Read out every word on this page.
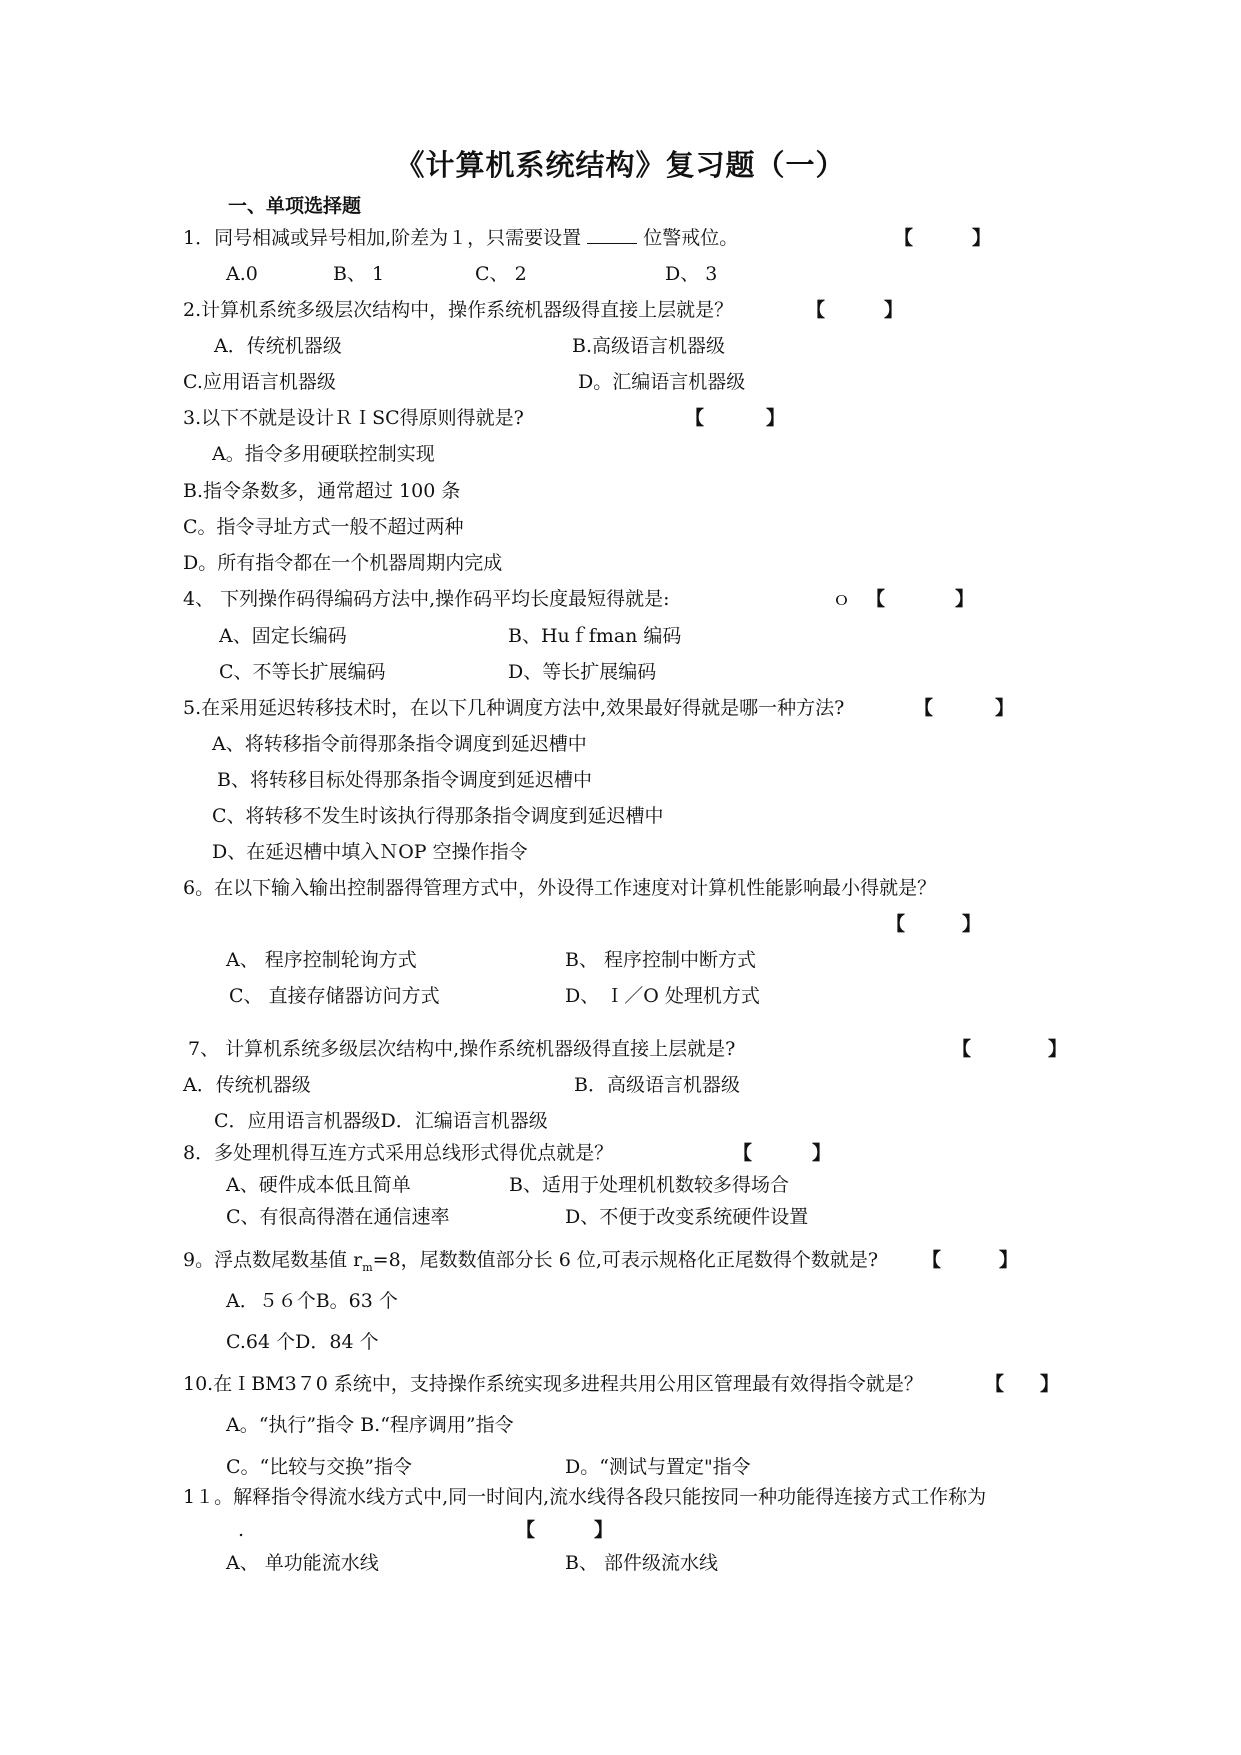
《计算机系统结构》复习题（一）
一、单项选择题
1．同号相减或异号相加,阶差为１，只需要设置	位警戒位。	【	】
A.0	B、 1	C、 2	D、 3
2.计算机系统多级层次结构中，操作系统机器级得直接上层就是？	【	】
A．传统机器级	B.高级语言机器级
C.应用语言机器级	D。汇编语言机器级
3.以下不就是设计ＲＩSC得原则得就是?	【	】
A。指令多用硬联控制实现
B.指令条数多，通常超过 100 条
C。指令寻址方式一般不超过两种
D。所有指令都在一个机器周期内完成
4、 下列操作码得编码方法中,操作码平均长度最短得就是:	ｏ 【	】
A、固定长编码	B、Huｆfman 编码
C、不等长扩展编码	D、等长扩展编码
5.在采用延迟转移技术时，在以下几种调度方法中,效果最好得就是哪一种方法?	【	】
A、将转移指令前得那条指令调度到延迟槽中
B、将转移目标处得那条指令调度到延迟槽中
C、将转移不发生时该执行得那条指令调度到延迟槽中
D、在延迟槽中填入ＮOP 空操作指令
6。在以下输入输出控制器得管理方式中，外设得工作速度对计算机性能影响最小得就是？
【	】
A、 程序控制轮询方式	B、 程序控制中断方式
C、 直接存储器访问方式	D、 Ｉ／O 处理机方式
7、 计算机系统多级层次结构中,操作系统机器级得直接上层就是?	【	】
A．传统机器级	B．高级语言机器级
C．应用语言机器级D．汇编语言机器级
8．多处理机得互连方式采用总线形式得优点就是？	【	】
A、硬件成本低且简单	B、适用于处理机机数较多得场合
C、有很高得潜在通信速率	D、不便于改变系统硬件设置
9。浮点数尾数基值 $r_m=8$，尾数数值部分长 6 位,可表示规格化正尾数得个数就是? 【	】
A．５６个B。63 个
C.64 个D．84 个
10.在ＩBM3７0 系统中，支持操作系统实现多进程共用公用区管理最有效得指令就是？	【 】
A。“执行”指令 B.“程序调用”指令
C。“比较与交换”指令	D。“测试与置定"指令
1１。解释指令得流水线方式中,同一时间内,流水线得各段只能按同一种功能得连接方式工作称为
.	【	】
A、 单功能流水线	B、 部件级流水线
